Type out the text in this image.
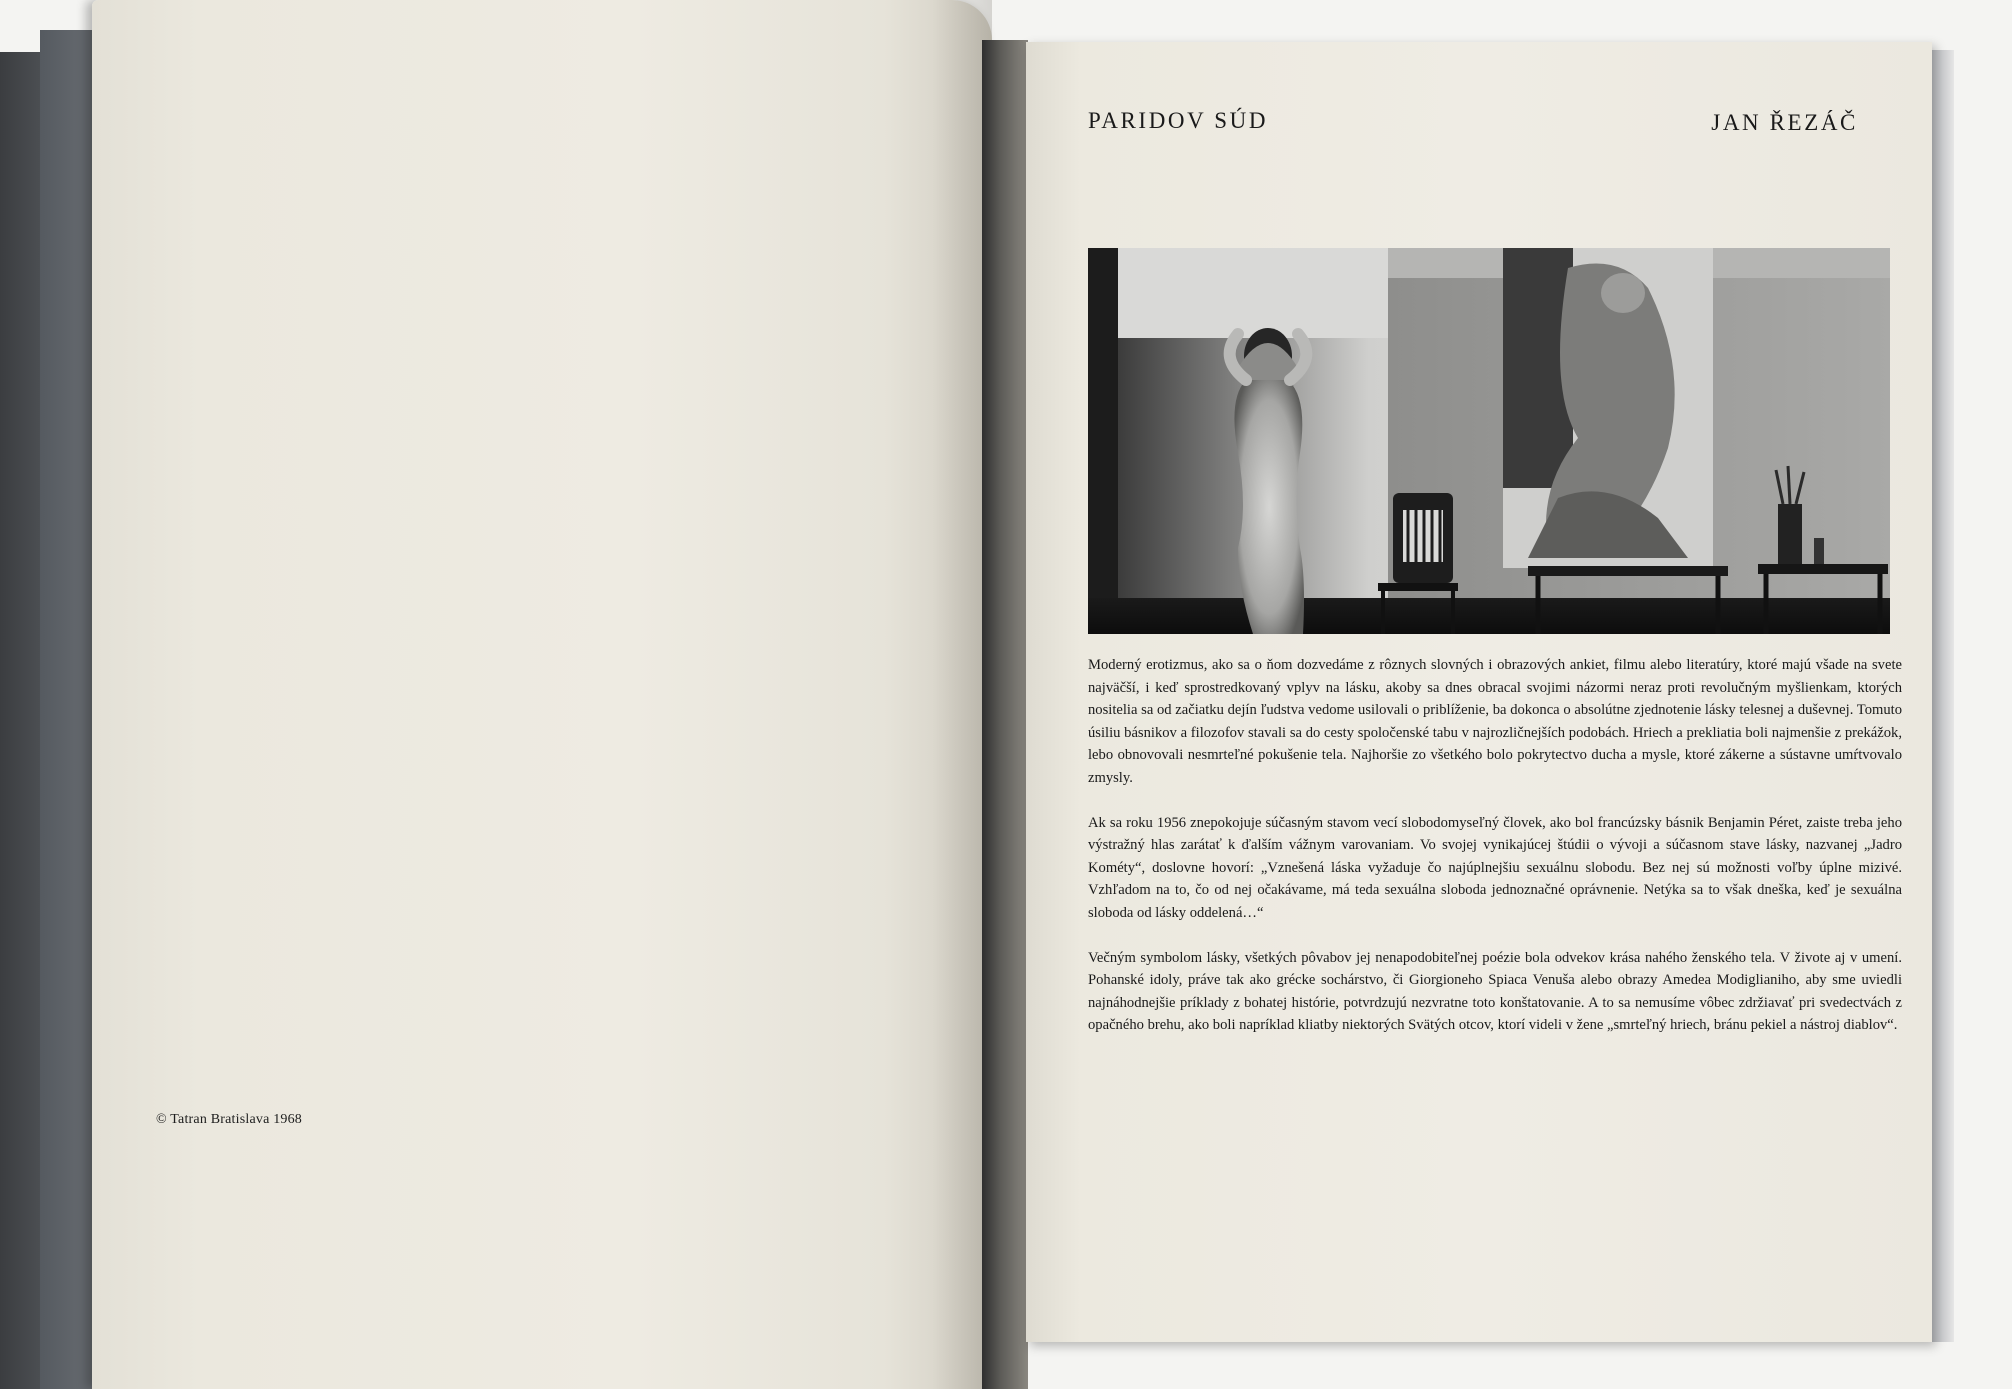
© Tatran Bratislava 1968
PARIDOV SÚD	JAN ŘEZÁČ

Moderný erotizmus, ako sa o ňom dozvedáme z rôznych slovných i obrazových ankiet, filmu alebo literatúry, ktoré majú všade na svete najväčší, i keď sprostredkovaný vplyv na lásku, akoby sa dnes obracal svojimi názormi neraz proti revolučným myšlienkam, ktorých nositelia sa od začiatku dejín ľudstva vedome usilovali o priblíženie, ba dokonca o absolútne zjednotenie lásky telesnej a duševnej. Tomuto úsiliu básnikov a filozofov stavali sa do cesty spoločenské tabu v najrozličnejších podobách. Hriech a prekliatia boli najmenšie z prekážok, lebo obnovovali nesmrteľné pokušenie tela. Najhoršie zo všetkého bolo pokrytectvo ducha a mysle, ktoré zákerne a sústavne umŕtvovalo zmysly.

Ak sa roku 1956 znepokojuje súčasným stavom vecí slobodomyseľný človek, ako bol francúzsky básnik Benjamin Péret, zaiste treba jeho výstražný hlas zarátať k ďalším vážnym varovaniam. Vo svojej vynikajúcej štúdii o vývoji a súčasnom stave lásky, nazvanej „Jadro Kométy“, doslovne hovorí: „Vznešená láska vyžaduje čo najúplnejšiu sexuálnu slobodu. Bez nej sú možnosti voľby úplne mizivé. Vzhľadom na to, čo od nej očakávame, má teda sexuálna sloboda jednoznačné oprávnenie. Netýka sa to však dneška, keď je sexuálna sloboda od lásky oddelená…“

Večným symbolom lásky, všetkých pôvabov jej nenapodobiteľnej poézie bola odvekov krása nahého ženského tela. V živote aj v umení. Pohanské idoly, práve tak ako grécke sochárstvo, či Giorgioneho Spiaca Venuša alebo obrazy Amedea Modiglianiho, aby sme uviedli najnáhodnejšie príklady z bohatej histórie, potvrdzujú nezvratne toto konštatovanie. A to sa nemusíme vôbec zdržiavať pri svedectvách z opačného brehu, ako boli napríklad kliatby niektorých Svätých otcov, ktorí videli v žene „smrteľný hriech, bránu pekiel a nástroj diablov“.
